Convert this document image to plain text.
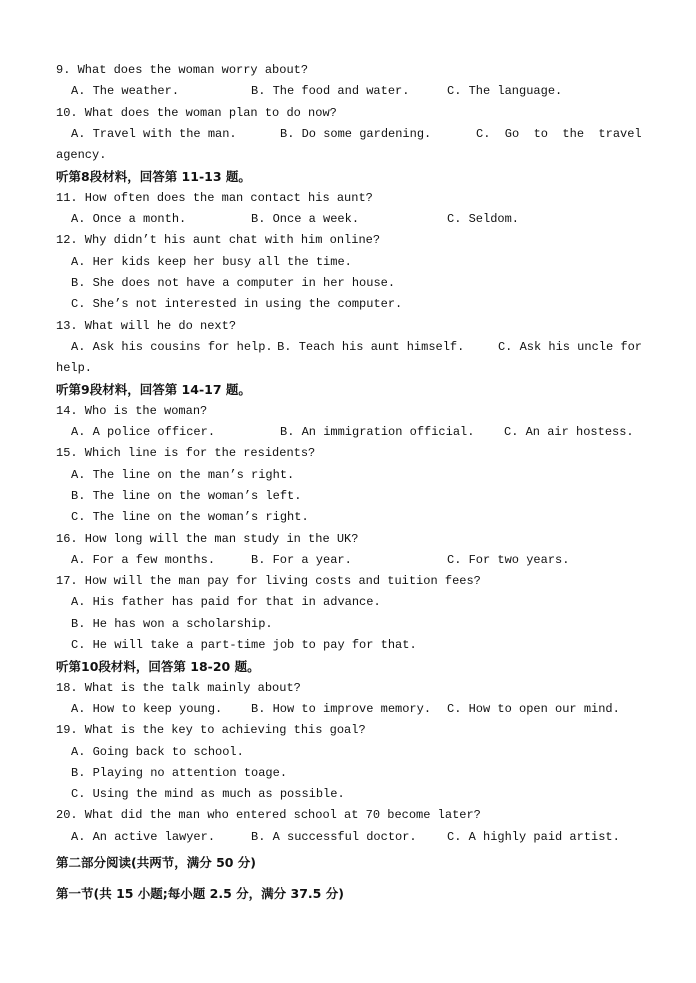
9. What does the woman worry about?
A. The weather.	B. The food and water.	C. The language.
10. What does the woman plan to do now?
A. Travel with the man.	B. Do some gardening.	C.  Go  to  the  travel
agency.
听第8段材料，回答第 11-13 题。
11. How often does the man contact his aunt?
A. Once a month.	B. Once a week.	C. Seldom.
12. Why didn’t his aunt chat with him online?
A. Her kids keep her busy all the time.
B. She does not have a computer in her house.
C. She’s not interested in using the computer.
13. What will he do next?
A. Ask his cousins for help. B. Teach his aunt himself.	C. Ask his uncle for
help.
听第9段材料，回答第 14-17 题。
14. Who is the woman?
A. A police officer.	B. An immigration official.	C. An air hostess.
15. Which line is for the residents?
A. The line on the man’s right.
B. The line on the woman’s left.
C. The line on the woman’s right.
16. How long will the man study in the UK?
A. For a few months.	B. For a year.	C. For two years.
17. How will the man pay for living costs and tuition fees?
A. His father has paid for that in advance.
B. He has won a scholarship.
C. He will take a part-time job to pay for that.
听第10段材料，回答第 18-20 题。
18. What is the talk mainly about?
A. How to keep young.	B. How to improve memory.	C. How to open our mind.
19. What is the key to achieving this goal?
A. Going back to school.
B. Playing no attention toage.
C. Using the mind as much as possible.
20. What did the man who entered school at 70 become later?
A. An active lawyer.	B. A successful doctor.	C. A highly paid artist.
第二部分阅读(共两节，满分 50 分)
第一节(共 15 小题;每小题 2.5 分，满分 37.5 分)
